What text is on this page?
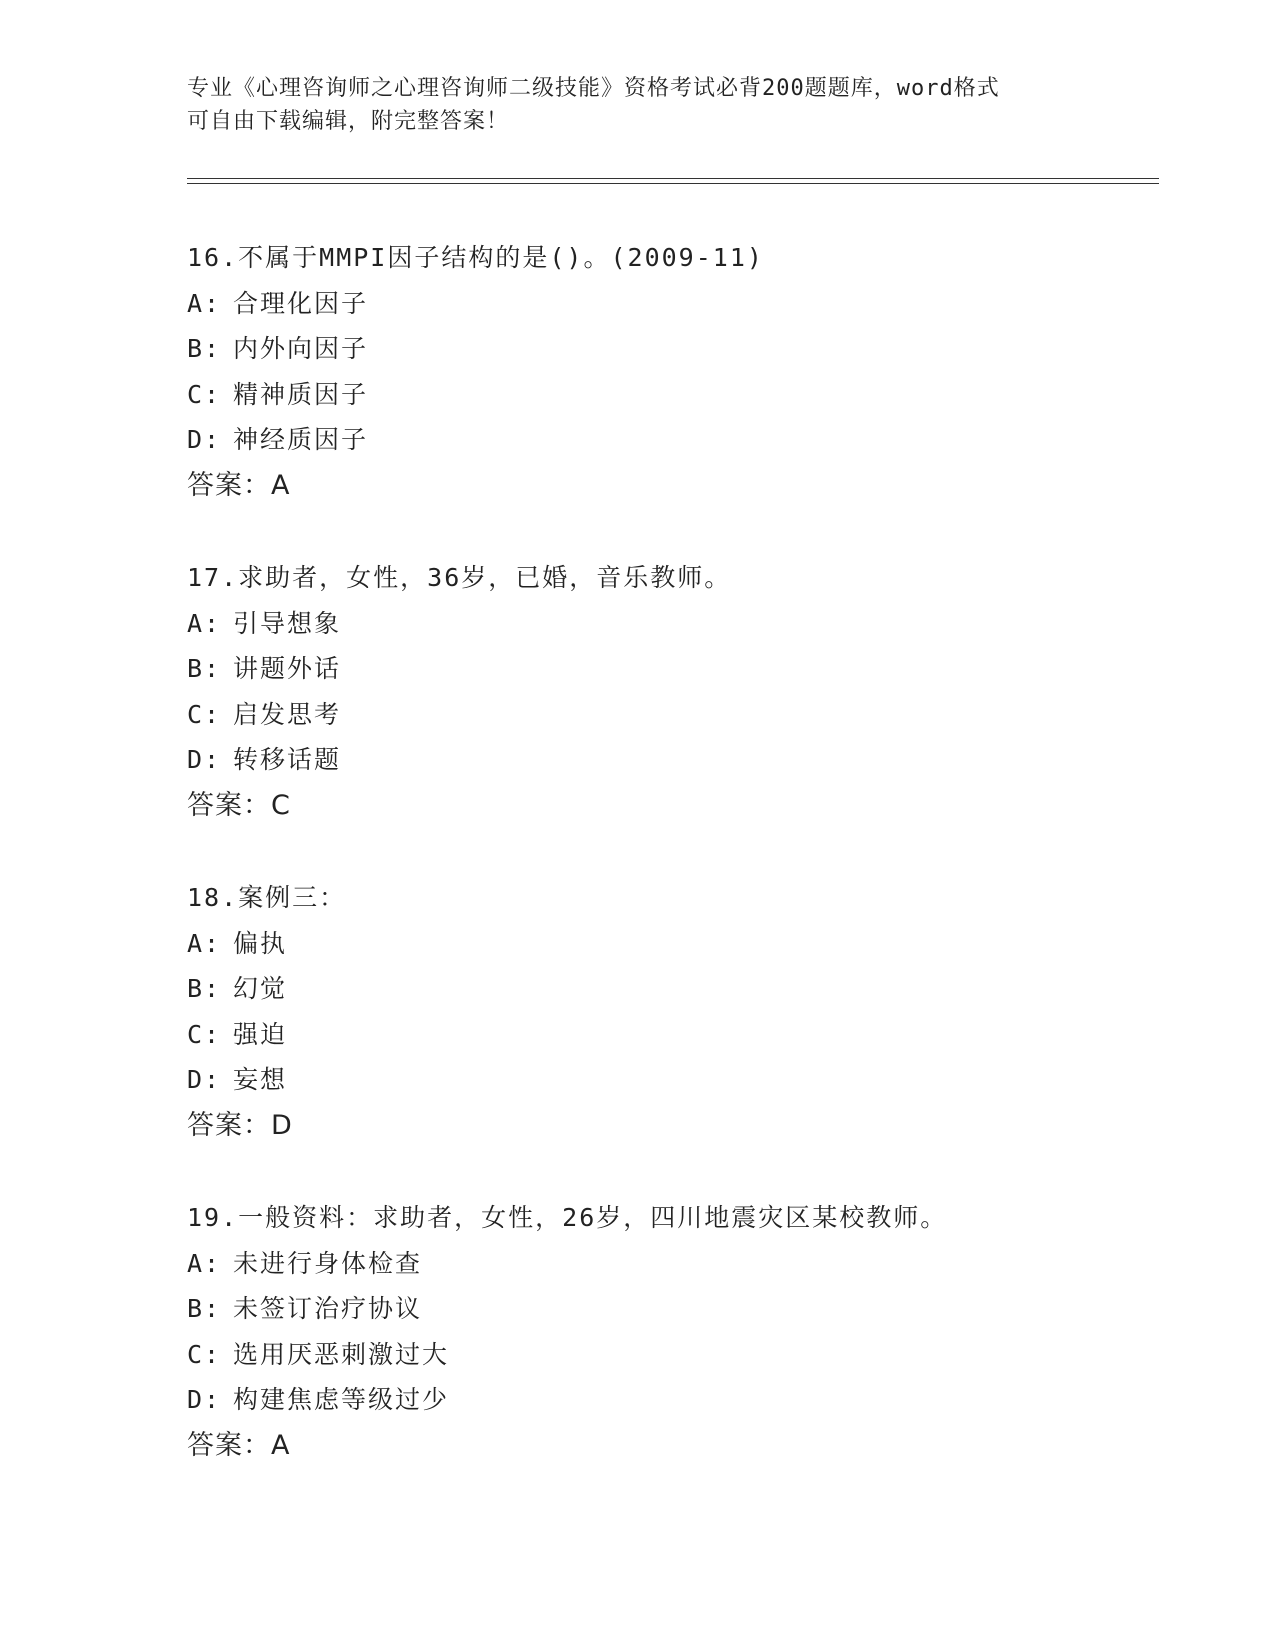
专业《心理咨询师之心理咨询师二级技能》资格考试必背200题题库，word格式
可自由下载编辑，附完整答案！
16.不属于MMPI因子结构的是()。(2009-11)
A: 合理化因子
B: 内外向因子
C: 精神质因子
D: 神经质因子
答案：A
17.求助者，女性，36岁，已婚，音乐教师。
A: 引导想象
B: 讲题外话
C: 启发思考
D: 转移话题
答案：C
18.案例三：
A: 偏执
B: 幻觉
C: 强迫
D: 妄想
答案：D
19.一般资料：求助者，女性，26岁，四川地震灾区某校教师。
A: 未进行身体检查
B: 未签订治疗协议
C: 选用厌恶刺激过大
D: 构建焦虑等级过少
答案：A
